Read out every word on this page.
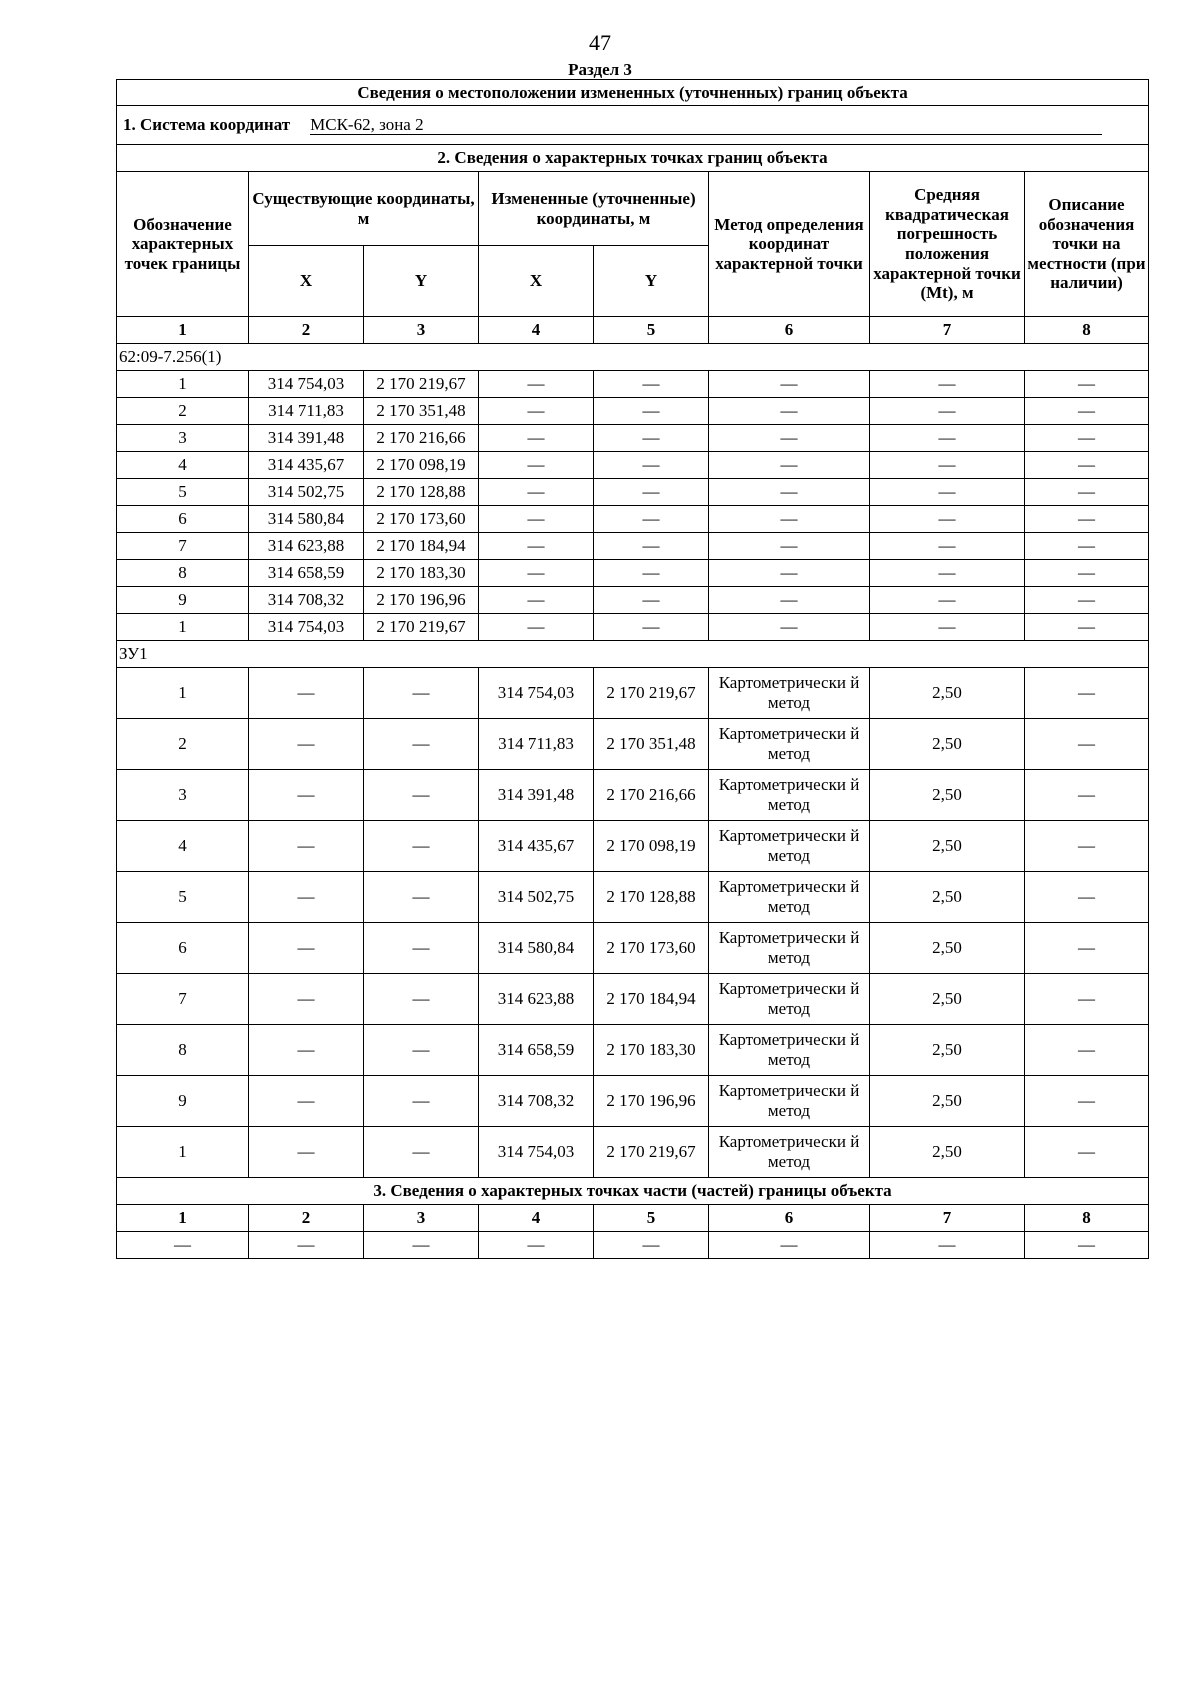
47
Раздел 3
Сведения о местоположении измененных (уточненных) границ объекта							
1. Система координат МСК-62, зона 2							
2. Сведения о характерных точках границ объекта							
Обозначение характерных точек границы	Существующие координаты, м		Измененные (уточненные) координаты, м		Метод определения координат характерной точки	Средняя квадратическая погрешность положения характерной точки (Mt), м	Описание обозначения точки на местности (при наличии)
	X	Y	X	Y			
1	2	3	4	5	6	7	8
62:09-7.256(1)							
1	314 754,03	2 170 219,67	—	—	—	—	—
2	314 711,83	2 170 351,48	—	—	—	—	—
3	314 391,48	2 170 216,66	—	—	—	—	—
4	314 435,67	2 170 098,19	—	—	—	—	—
5	314 502,75	2 170 128,88	—	—	—	—	—
6	314 580,84	2 170 173,60	—	—	—	—	—
7	314 623,88	2 170 184,94	—	—	—	—	—
8	314 658,59	2 170 183,30	—	—	—	—	—
9	314 708,32	2 170 196,96	—	—	—	—	—
1	314 754,03	2 170 219,67	—	—	—	—	—
ЗУ1							
1	—	—	314 754,03	2 170 219,67	Картометрически й метод	2,50	—
2	—	—	314 711,83	2 170 351,48	Картометрически й метод	2,50	—
3	—	—	314 391,48	2 170 216,66	Картометрически й метод	2,50	—
4	—	—	314 435,67	2 170 098,19	Картометрически й метод	2,50	—
5	—	—	314 502,75	2 170 128,88	Картометрически й метод	2,50	—
6	—	—	314 580,84	2 170 173,60	Картометрически й метод	2,50	—
7	—	—	314 623,88	2 170 184,94	Картометрически й метод	2,50	—
8	—	—	314 658,59	2 170 183,30	Картометрически й метод	2,50	—
9	—	—	314 708,32	2 170 196,96	Картометрически й метод	2,50	—
1	—	—	314 754,03	2 170 219,67	Картометрически й метод	2,50	—
3. Сведения о характерных точках части (частей) границы объекта							
1	2	3	4	5	6	7	8
—	—	—	—	—	—	—	—
